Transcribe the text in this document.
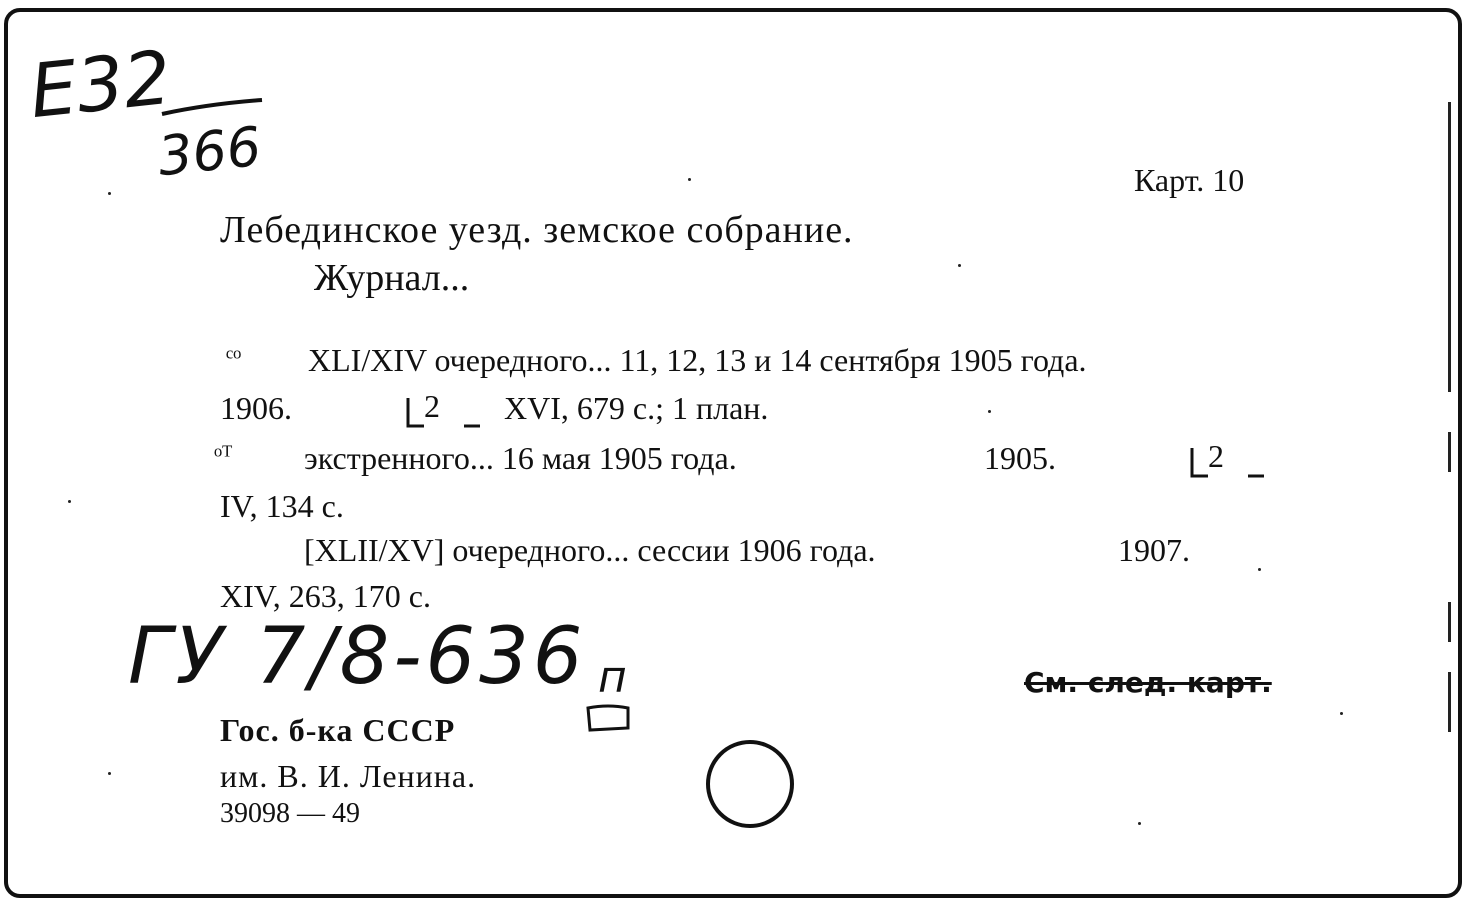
E32
366	Карт. 10
Лебединское уезд. земское собрание.
Журнал...
ᶜᵒ XLI/XIV очередного... 11, 12, 13 и 14 сентября 1905 года.
1906.	2 XVI, 679 с.; 1 план.
ᵒᵀ экстренного... 16 мая 1905 года.	1905.	2
IV, 134 с.
[XLII/XV] очередного... сессии 1906 года.	1907.
XIV, 263, 170 с.
ГУ 7/8-636 п	См. след. карт.
Гос. б-ка СССР
им. В. И. Ленина.
39098 — 49
